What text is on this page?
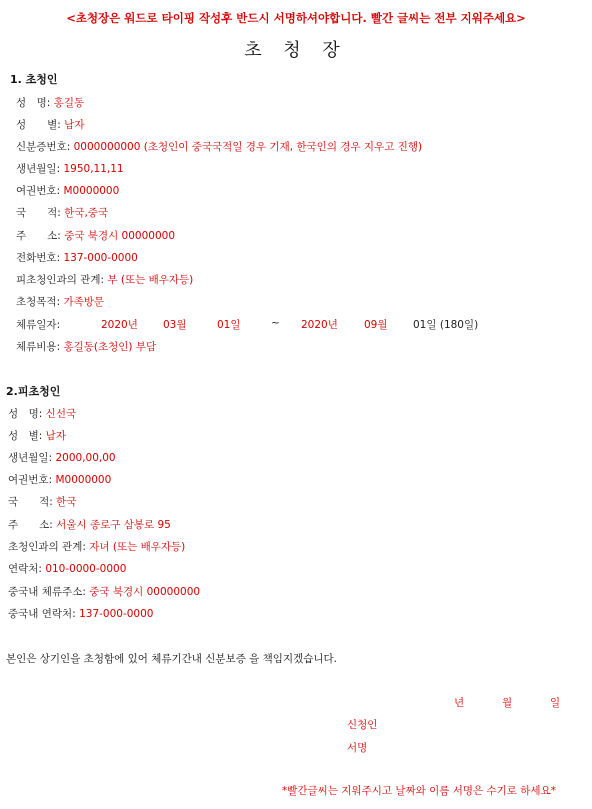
<초청장은 워드로 타이핑 작성후 반드시 서명하셔야합니다. 빨간 글씨는 전부 지워주세요>
초 청 장
1. 초청인
성　명: 홍길동
성　　별: 남자
신분증번호: 0000000000 (초청인이 중국국적일 경우 기재, 한국인의 경우 지우고 진행)
생년월일: 1950,11,11
여권번호: M0000000
국　　적: 한국,중국
주　　소: 중국 북경시 00000000
전화번호: 137-000-0000
피초청인과의 관계: 부 (또는 배우자등)
초청목적: 가족방문
체류일자:	2020년 03월	01일	~ 2020년 09월 01일 (180일)
체류비용: 홍길동(초청인) 부담
2.피초청인
성　명: 신선국
성　별: 남자
생년월일: 2000,00,00
여권번호: M0000000
국　　적: 한국
주　　소: 서울시 종로구 삼봉로 95
초청인과의 관계: 자녀 (또는 배우자등)
연락처: 010-0000-0000
중국내 체류주소: 중국 북경시 00000000
중국내 연락처: 137-000-0000
본인은 상기인을 초청함에 있어 체류기간내 신분보증 을 책임지겠습니다.
년	월	일
신청인
서명
*빨간글씨는 지워주시고 날짜와 이름 서명은 수기로 하세요*
